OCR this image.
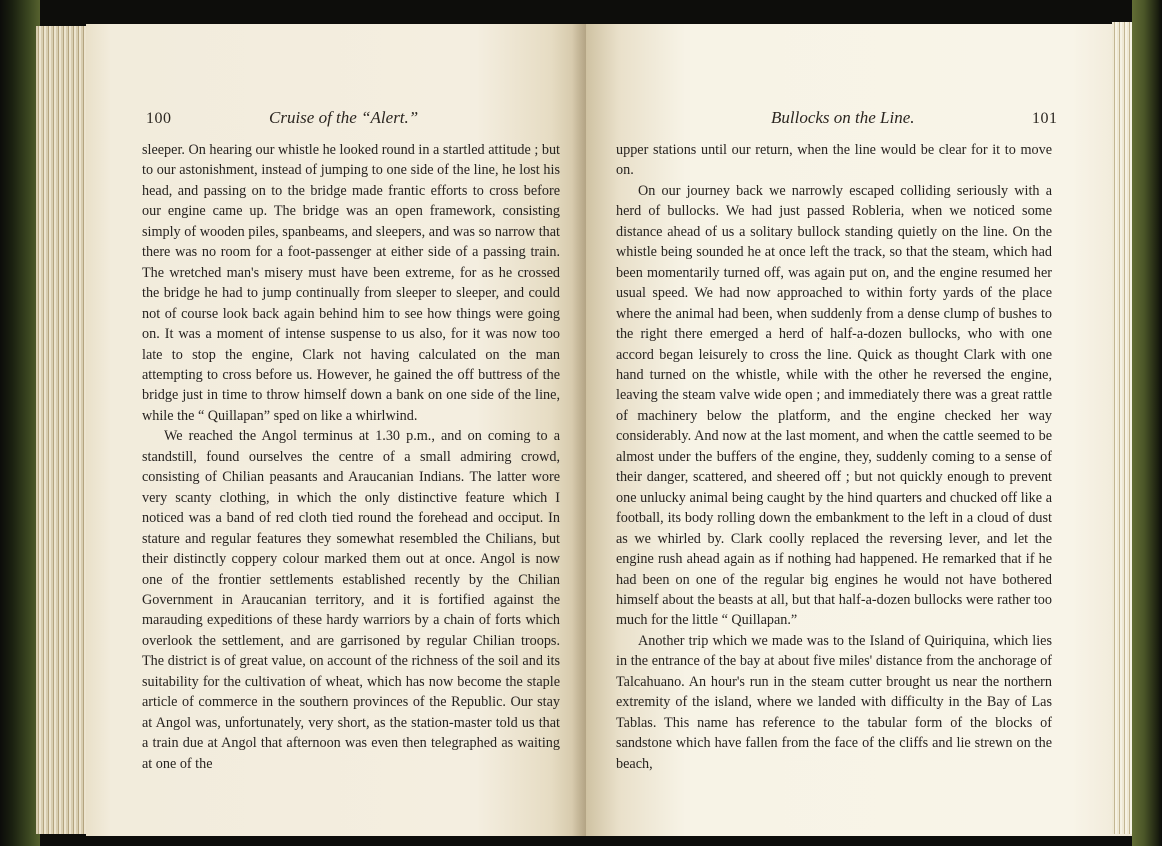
100	Cruise of the “Alert.”

sleeper. On hearing our whistle he looked round in a startled attitude ; but to our astonishment, instead of jumping to one side of the line, he lost his head, and passing on to the bridge made frantic efforts to cross before our engine came up. The bridge was an open framework, consisting simply of wooden piles, spanbeams, and sleepers, and was so narrow that there was no room for a foot-passenger at either side of a passing train. The wretched man's misery must have been extreme, for as he crossed the bridge he had to jump continually from sleeper to sleeper, and could not of course look back again behind him to see how things were going on. It was a moment of intense suspense to us also, for it was now too late to stop the engine, Clark not having calculated on the man attempting to cross before us. However, he gained the off buttress of the bridge just in time to throw himself down a bank on one side of the line, while the “ Quillapan” sped on like a whirlwind.

We reached the Angol terminus at 1.30 p.m., and on coming to a standstill, found ourselves the centre of a small admiring crowd, consisting of Chilian peasants and Araucanian Indians. The latter wore very scanty clothing, in which the only distinctive feature which I noticed was a band of red cloth tied round the forehead and occiput. In stature and regular features they somewhat resembled the Chilians, but their distinctly coppery colour marked them out at once. Angol is now one of the frontier settlements established recently by the Chilian Government in Araucanian territory, and it is fortified against the marauding expeditions of these hardy warriors by a chain of forts which overlook the settlement, and are garrisoned by regular Chilian troops. The district is of great value, on account of the richness of the soil and its suitability for the cultivation of wheat, which has now become the staple article of commerce in the southern provinces of the Republic. Our stay at Angol was, unfortunately, very short, as the station-master told us that a train due at Angol that afternoon was even then telegraphed as waiting at one of the

Bullocks on the Line.	101

upper stations until our return, when the line would be clear for it to move on.

On our journey back we narrowly escaped colliding seriously with a herd of bullocks. We had just passed Robleria, when we noticed some distance ahead of us a solitary bullock standing quietly on the line. On the whistle being sounded he at once left the track, so that the steam, which had been momentarily turned off, was again put on, and the engine resumed her usual speed. We had now approached to within forty yards of the place where the animal had been, when suddenly from a dense clump of bushes to the right there emerged a herd of half-a-dozen bullocks, who with one accord began leisurely to cross the line. Quick as thought Clark with one hand turned on the whistle, while with the other he reversed the engine, leaving the steam valve wide open ; and immediately there was a great rattle of machinery below the platform, and the engine checked her way considerably. And now at the last moment, and when the cattle seemed to be almost under the buffers of the engine, they, suddenly coming to a sense of their danger, scattered, and sheered off ; but not quickly enough to prevent one unlucky animal being caught by the hind quarters and chucked off like a football, its body rolling down the embankment to the left in a cloud of dust as we whirled by. Clark coolly replaced the reversing lever, and let the engine rush ahead again as if nothing had happened. He remarked that if he had been on one of the regular big engines he would not have bothered himself about the beasts at all, but that half-a-dozen bullocks were rather too much for the little “ Quillapan.”

Another trip which we made was to the Island of Quiriquina, which lies in the entrance of the bay at about five miles' distance from the anchorage of Talcahuano. An hour's run in the steam cutter brought us near the northern extremity of the island, where we landed with difficulty in the Bay of Las Tablas. This name has reference to the tabular form of the blocks of sandstone which have fallen from the face of the cliffs and lie strewn on the beach,
